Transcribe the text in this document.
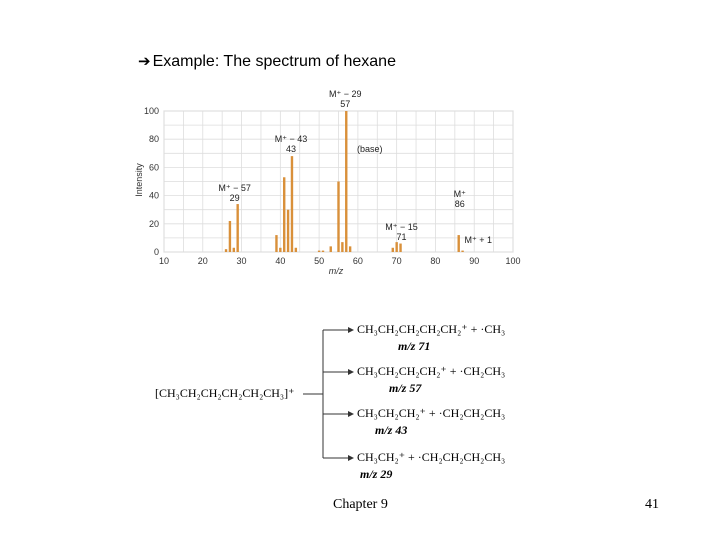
➔ Example: The spectrum of hexane
10	20	30	40	50	60	70	80	90	100
0
20
40
60
80
100
M⁺ − 29
57
M⁺ − 43
43	(base)
M⁺ − 57
29	M⁺
86
M⁺ − 15
71	M⁺ + 1
Intensity
m/z
[CH₃CH₂CH₂CH₂CH₂CH₃]⁺
CH₃CH₂CH₂CH₂CH₂⁺ + ·CH₃
m/z 71
CH₃CH₂CH₂CH₂⁺ + ·CH₂CH₃
m/z 57
CH₃CH₂CH₂⁺ + ·CH₂CH₂CH₃
m/z 43
CH₃CH₂⁺ + ·CH₂CH₂CH₂CH₃
m/z 29
Chapter 9	41
